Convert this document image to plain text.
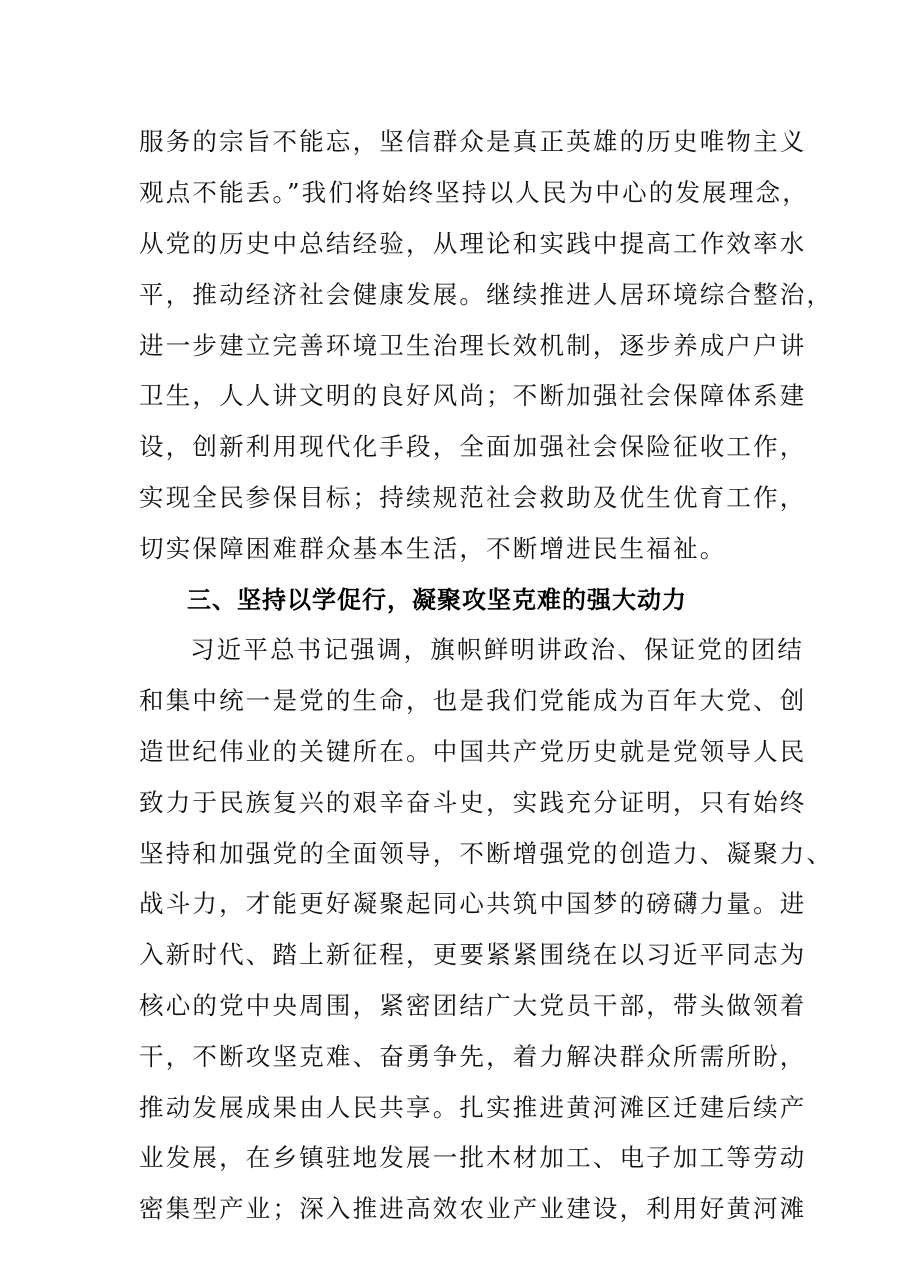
服务的宗旨不能忘，坚信群众是真正英雄的历史唯物主义
观点不能丢。”我们将始终坚持以人民为中心的发展理念，
从党的历史中总结经验，从理论和实践中提高工作效率水
平，推动经济社会健康发展。继续推进人居环境综合整治，
进一步建立完善环境卫生治理长效机制，逐步养成户户讲
卫生，人人讲文明的良好风尚；不断加强社会保障体系建
设，创新利用现代化手段，全面加强社会保险征收工作，
实现全民参保目标；持续规范社会救助及优生优育工作，
切实保障困难群众基本生活，不断增进民生福祉。
三、坚持以学促行，凝聚攻坚克难的强大动力
习近平总书记强调，旗帜鲜明讲政治、保证党的团结
和集中统一是党的生命，也是我们党能成为百年大党、创
造世纪伟业的关键所在。中国共产党历史就是党领导人民
致力于民族复兴的艰辛奋斗史，实践充分证明，只有始终
坚持和加强党的全面领导，不断增强党的创造力、凝聚力、
战斗力，才能更好凝聚起同心共筑中国梦的磅礴力量。进
入新时代、踏上新征程，更要紧紧围绕在以习近平同志为
核心的党中央周围，紧密团结广大党员干部，带头做领着
干，不断攻坚克难、奋勇争先，着力解决群众所需所盼，
推动发展成果由人民共享。扎实推进黄河滩区迁建后续产
业发展，在乡镇驻地发展一批木材加工、电子加工等劳动
密集型产业；深入推进高效农业产业建设，利用好黄河滩
